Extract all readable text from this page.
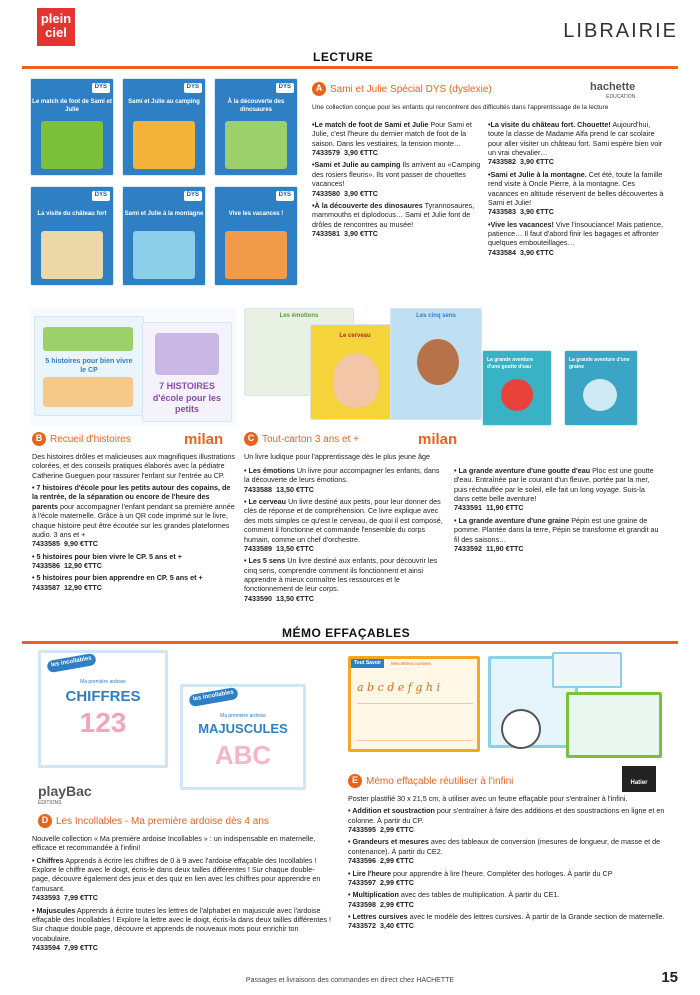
plein
ciel	LIBRAIRIE
LECTURE
DYS
Le match de foot de Sami et Julie
DYS
Sami et Julie au camping
DYS
À la découverte des dinosaures
DYS
La visite du château fort
DYS
Sami et Julie à la montagne
DYS
Vive les vacances !
A Sami et Julie Spécial DYS (dyslexie)	hachette
ÉDUCATION
Une collection conçue pour les enfants qui rencontrent des difficultés dans l'apprentissage de la lecture

•Le match de foot de Sami et Julie Pour Sami et Julie, c'est l'heure du dernier match de foot de la saison. Dans les vestiaires, la tension monte…
7433579 3,90 €TTC

•Sami et Julie au camping Ils arrivent au «Camping des rosiers fleuris». Ils vont passer de chouettes vacances!
7433580 3,90 €TTC

•À la découverte des dinosaures Tyrannosaures, mammouths et diplodocus… Sami et Julie font de drôles de rencontres au musée!
7433581 3,90 €TTC

•La visite du château fort. Chouette! Aujourd'hui, toute la classe de Madame Alfa prend le car scolaire pour aller visiter un château fort. Sami espère bien voir un vrai chevalier…
7433582 3,90 €TTC

•Sami et Julie à la montagne. Cet été, toute la famille rend visite à Oncle Pierre, à la montagne. Ces vacances en altitude réservent de belles découvertes à Sami et Julie!
7433583 3,90 €TTC

•Vive les vacances! Vive l'insouciance! Mais patience, patience… Il faut d'abord finir les bagages et affronter quelques embouteillages…
7433584 3,90 €TTC

5 histoires pour bien vivre le CP
7 HISTOIRES d'école pour les petits
Les émotions
Le cerveau
Les cinq sens
La grande aventure d'une goutte d'eau
La grande aventure d'une graine
B Recueil d'histoires	milan

Des histoires drôles et malicieuses aux magnifiques illustrations colorées, et des conseils pratiques élaborés avec la pédiatre Catherine Gueguen pour rassurer l'enfant sur l'entrée au CP.

• 7 histoires d'école pour les petits autour des copains, de la rentrée, de la séparation ou encore de l'heure des parents pour accompagner l'enfant pendant sa première année à l'école maternelle. Grâce à un QR code imprimé sur le livre, chaque histoire peut être écoutée sur les grandes plateformes audio. 3 ans et +
7433585 9,90 €TTC

• 5 histoires pour bien vivre le CP. 5 ans et +
7433586 12,90 €TTC

• 5 histoires pour bien apprendre en CP. 5 ans et +
7433587 12,90 €TTC

C Tout-carton 3 ans et +	milan
Un livre ludique pour l'apprentissage dès le plus jeune âge

• Les émotions Un livre pour accompagner les enfants, dans la découverte de leurs émotions.
7433588 13,50 €TTC

• Le cerveau Un livre destiné aux petits, pour leur donner des clés de réponse et de compréhension. Ce livre explique avec des mots simples ce qu'est le cerveau, de quoi il est composé, comment il fonctionne et commande l'ensemble du corps humain, comme un chef d'orchestre.
7433589 13,50 €TTC

• Les 5 sens Un livre destiné aux enfants, pour découvrir les cinq sens, comprendre comment ils fonctionnent et ainsi apprendre à mieux connaître les ressources et le fonctionnement de leur corps.
7433590 13,50 €TTC

• La grande aventure d'une goutte d'eau Ploc est une goutte d'eau. Entraînée par le courant d'un fleuve, portée par la mer, puis réchauffée par le soleil, elle fait un long voyage. Suis-la dans cette belle aventure!
7433591 11,90 €TTC

• La grande aventure d'une graine Pépin est une graine de pomme. Plantée dans la terre, Pépin se transforme et grandit au fil des saisons…
7433592 11,90 €TTC

MÉMO EFFAÇABLES
les incollables
Ma première ardoise
CHIFFRES
123
les incollables
Ma première ardoise
MAJUSCULES
ABC
playBac
ÉDITIONS
Tout Savoir	Mes lettres cursives
a b c d e f g h i
Hatier
D Les Incollables - Ma première ardoise dès 4 ans

Nouvelle collection « Ma première ardoise Incollables » : un indispensable en maternelle, efficace et recommandée à l'infini!

• Chiffres Apprends à écrire les chiffres de 0 à 9 avec l'ardoise effaçable des Incollables ! Explore le chiffre avec le doigt, écris-le dans deux tailles différentes ! Sur chaque double-page, découvre également des jeux et des quiz en lien avec les chiffres pour apprendre en t'amusant.
7433593 7,99 €TTC

• Majuscules Apprends à écrire toutes les lettres de l'alphabet en majuscule avec l'ardoise effaçable des Incollables ! Explore la lettre avec le doigt, écris-la dans deux tailles différentes ! Sur chaque double page, découvre et apprends de nouveaux mots pour enrichir ton vocabulaire.
7433594 7,99 €TTC

E Mémo effaçable réutiliser à l'infini

Poster plastifié 30 x 21,5 cm, à utiliser avec un feutre effaçable pour s'entraîner à l'infini.

• Addition et soustraction pour s'entraîner à faire des additions et des soustractions en ligne et en colonne. À partir du CP.
7433595 2,99 €TTC

• Grandeurs et mesures avec des tableaux de conversion (mesures de longueur, de masse et de contenance). À partir du CE2.
7433596 2,99 €TTC

• Lire l'heure pour apprendre à lire l'heure. Compléter des horloges. À partir du CP
7433597 2,99 €TTC

• Multiplication avec des tables de multiplication. À partir du CE1.
7433598 2,99 €TTC

• Lettres cursives avec le modèle des lettres cursives. À partir de la Grande section de maternelle.
7433572 3,40 €TTC

Passages et livraisons des commandes en direct chez HACHETTE	15
